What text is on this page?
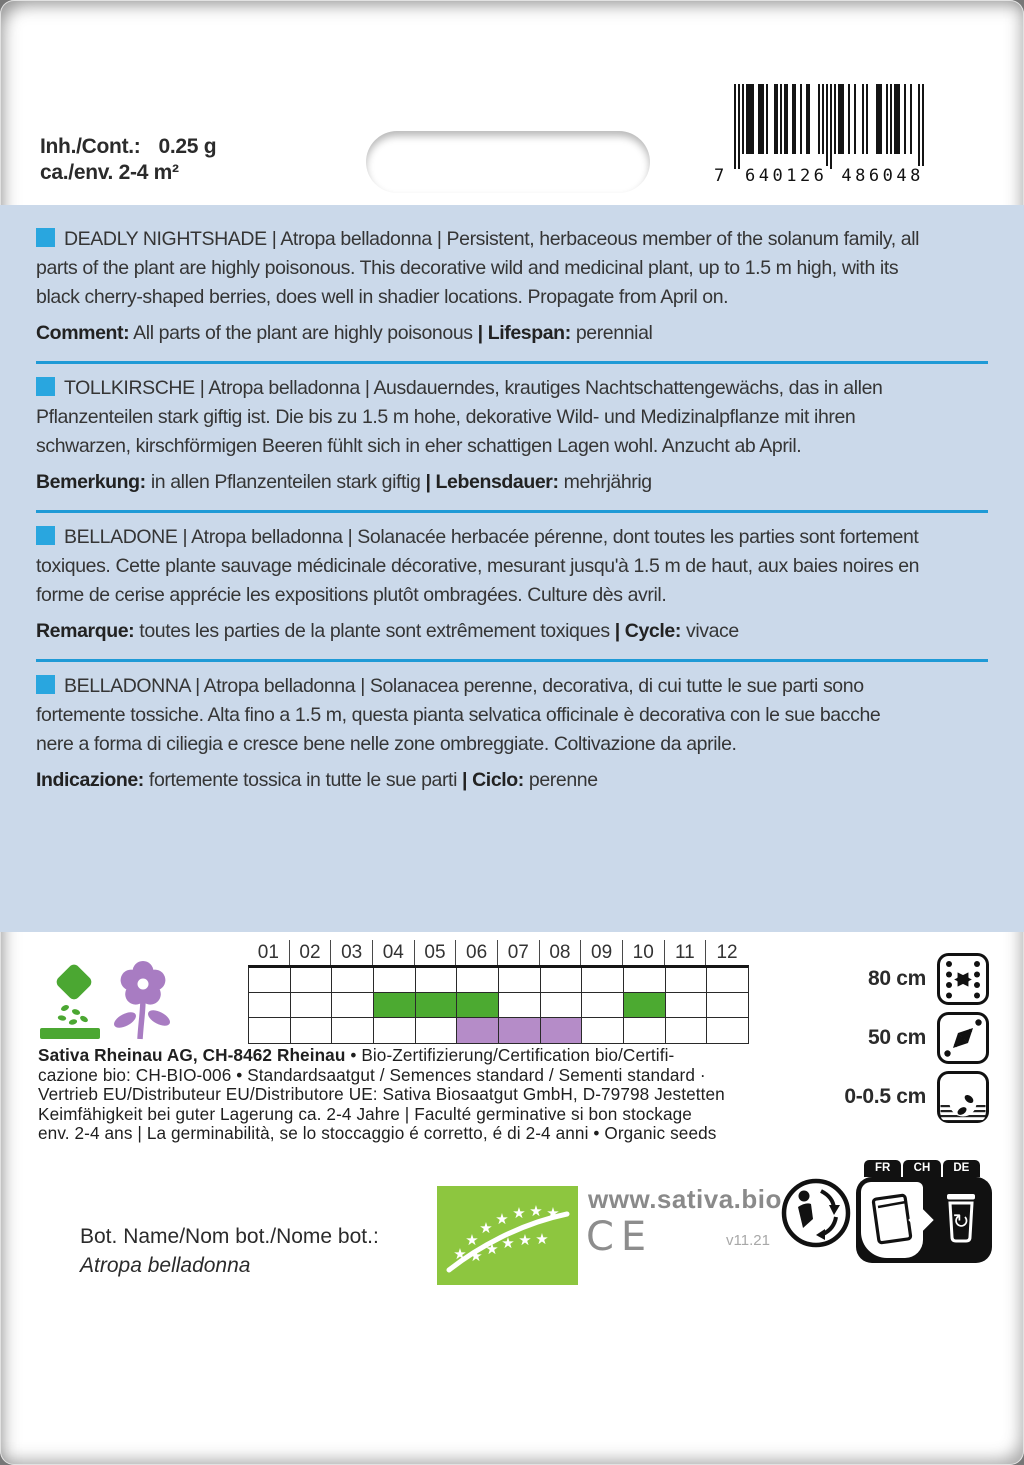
Inh./Cont.: 0.25 g
ca./env. 2-4 m²	7	640126 486048

DEADLY NIGHTSHADE | Atropa belladonna | Persistent, herbaceous member of the solanum family, all
parts of the plant are highly poisonous. This decorative wild and medicinal plant, up to 1.5 m high, with its
black cherry-shaped berries, does well in shadier locations. Propagate from April on.

Comment: All parts of the plant are highly poisonous | Lifespan: perennial

TOLLKIRSCHE | Atropa belladonna | Ausdauerndes, krautiges Nachtschattengewächs, das in allen
Pflanzenteilen stark giftig ist. Die bis zu 1.5 m hohe, dekorative Wild- und Medizinalpflanze mit ihren
schwarzen, kirschförmigen Beeren fühlt sich in eher schattigen Lagen wohl. Anzucht ab April.

Bemerkung: in allen Pflanzenteilen stark giftig | Lebensdauer: mehrjährig

BELLADONE | Atropa belladonna | Solanacée herbacée pérenne, dont toutes les parties sont fortement
toxiques. Cette plante sauvage médicinale décorative, mesurant jusqu'à 1.5 m de haut, aux baies noires en
forme de cerise apprécie les expositions plutôt ombragées. Culture dès avril.

Remarque: toutes les parties de la plante sont extrêmement toxiques | Cycle: vivace

BELLADONNA | Atropa belladonna | Solanacea perenne, decorativa, di cui tutte le sue parti sono
fortemente tossiche. Alta fino a 1.5 m, questa pianta selvatica officinale è decorativa con le sue bacche
nere a forma di ciliegia e cresce bene nelle zone ombreggiate. Coltivazione da aprile.

Indicazione: fortemente tossica in tutte le sue parti | Ciclo: perenne

01	02	03	04	05	06	07	08	09	10	11	12
80 cm
50 cm
0-0.5 cm
Sativa Rheinau AG, CH-8462 Rheinau • Bio-Zertifizierung/Certification bio/Certifi-
cazione bio: CH-BIO-006 • Standardsaatgut / Semences standard / Sementi standard ·
Vertrieb EU/Distributeur EU/Distributore UE: Sativa Biosaatgut GmbH, D-79798 Jestetten
Keimfähigkeit bei guter Lagerung ca. 2-4 Jahre | Faculté germinative si bon stockage
env. 2-4 ans | La germinabilità, se lo stoccaggio é corretto, é di 2-4 anni • Organic seeds
Bot. Name/Nom bot./Nome bot.:
Atropa belladonna	★
★
★ ★ ★ ★ ★
★ ★ ★ ★ ★
www.sativa.bio
CE	v11.21
FR	CH	DE
↻
